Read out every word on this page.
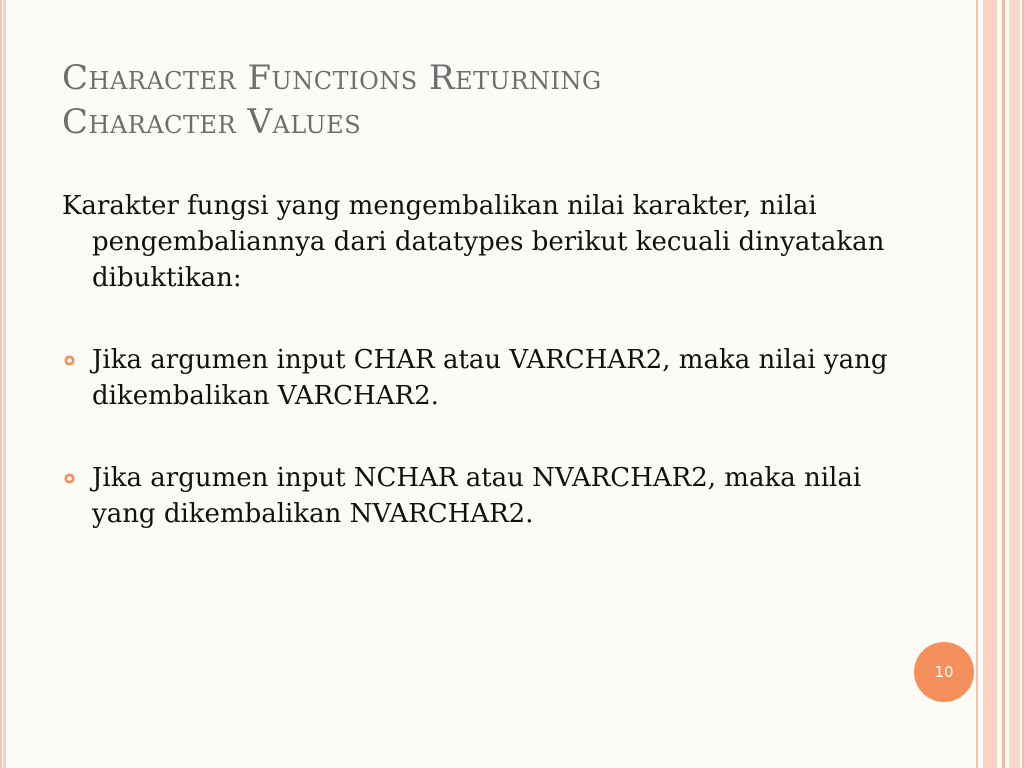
Character Functions Returning
Character Values

Karakter fungsi yang mengembalikan nilai karakter, nilai pengembaliannya dari datatypes berikut kecuali dinyatakan dibuktikan:

Jika argumen input CHAR atau VARCHAR2, maka nilai yang dikembalikan VARCHAR2.
Jika argumen input NCHAR atau NVARCHAR2, maka nilai yang dikembalikan NVARCHAR2.
10
